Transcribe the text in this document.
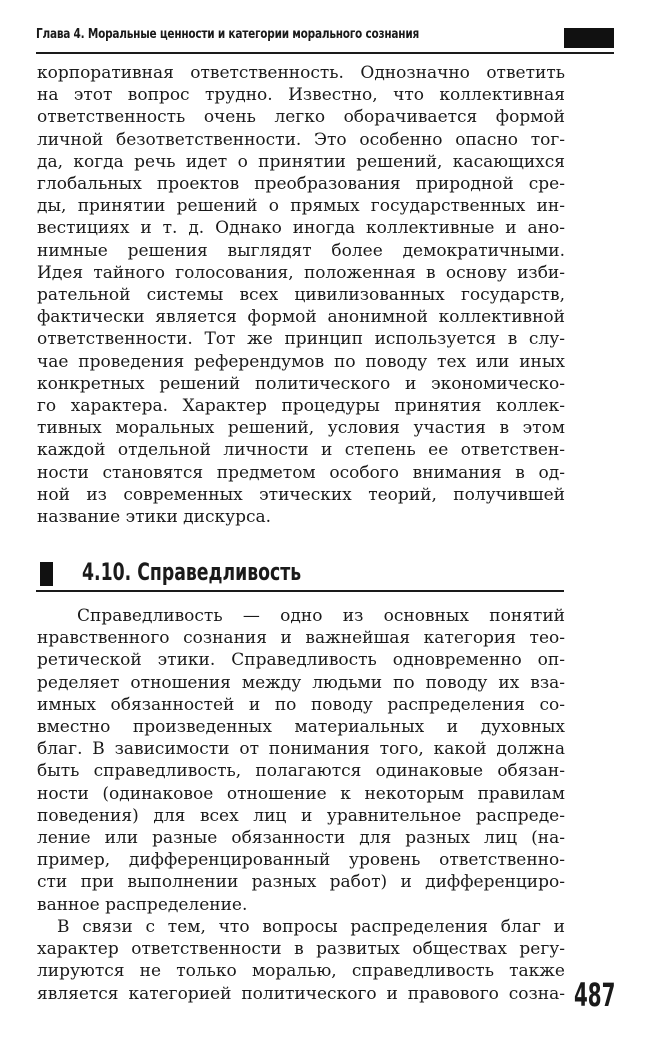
Глава 4. Моральные ценности и категории морального сознания
корпоративная ответственность. Однозначно ответить
на этот вопрос трудно. Известно, что коллективная
ответственность очень легко оборачивается формой
личной безответственности. Это особенно опасно тог-
да, когда речь идет о принятии решений, касающихся
глобальных проектов преобразования природной сре-
ды, принятии решений о прямых государственных ин-
вестициях и т. д. Однако иногда коллективные и ано-
нимные решения выглядят более демократичными.
Идея тайного голосования, положенная в основу изби-
рательной системы всех цивилизованных государств,
фактически является формой анонимной коллективной
ответственности. Тот же принцип используется в слу-
чае проведения референдумов по поводу тех или иных
конкретных решений политического и экономическо-
го характера. Характер процедуры принятия коллек-
тивных моральных решений, условия участия в этом
каждой отдельной личности и степень ее ответствен-
ности становятся предметом особого внимания в од-
ной из современных этических теорий, получившей
название этики дискурса.
4.10. Справедливость
Справедливость — одно из основных понятий
нравственного сознания и важнейшая категория тео-
ретической этики. Справедливость одновременно оп-
ределяет отношения между людьми по поводу их вза-
имных обязанностей и по поводу распределения со-
вместно произведенных материальных и духовных
благ. В зависимости от понимания того, какой должна
быть справедливость, полагаются одинаковые обязан-
ности (одинаковое отношение к некоторым правилам
поведения) для всех лиц и уравнительное распреде-
ление или разные обязанности для разных лиц (на-
пример, дифференцированный уровень ответственно-
сти при выполнении разных работ) и дифференциро-
ванное распределение.
В связи с тем, что вопросы распределения благ и
характер ответственности в развитых обществах регу-
лируются не только моралью, справедливость также
является категорией политического и правового созна- 487
